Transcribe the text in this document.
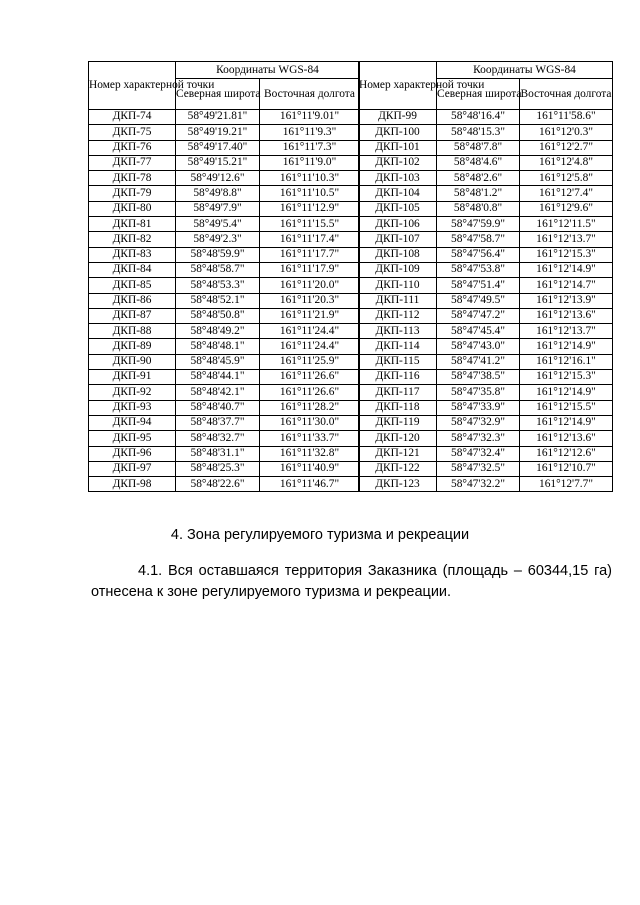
Номер характерной точки	Координаты WGS-84	
	Северная широта	Восточная долгота
ДКП-74	58°49'21.81"	161°11'9.01"
ДКП-75	58°49'19.21"	161°11'9.3"
ДКП-76	58°49'17.40"	161°11'7.3"
ДКП-77	58°49'15.21"	161°11'9.0"
ДКП-78	58°49'12.6"	161°11'10.3"
ДКП-79	58°49'8.8"	161°11'10.5"
ДКП-80	58°49'7.9"	161°11'12.9"
ДКП-81	58°49'5.4"	161°11'15.5"
ДКП-82	58°49'2.3"	161°11'17.4"
ДКП-83	58°48'59.9"	161°11'17.7"
ДКП-84	58°48'58.7"	161°11'17.9"
ДКП-85	58°48'53.3"	161°11'20.0"
ДКП-86	58°48'52.1"	161°11'20.3"
ДКП-87	58°48'50.8"	161°11'21.9"
ДКП-88	58°48'49.2"	161°11'24.4"
ДКП-89	58°48'48.1"	161°11'24.4"
ДКП-90	58°48'45.9"	161°11'25.9"
ДКП-91	58°48'44.1"	161°11'26.6"
ДКП-92	58°48'42.1"	161°11'26.6"
ДКП-93	58°48'40.7"	161°11'28.2"
ДКП-94	58°48'37.7"	161°11'30.0"
ДКП-95	58°48'32.7"	161°11'33.7"
ДКП-96	58°48'31.1"	161°11'32.8"
ДКП-97	58°48'25.3"	161°11'40.9"
ДКП-98	58°48'22.6"	161°11'46.7"
Номер характерной точки	Координаты WGS-84	
	Северная широта	Восточная долгота
ДКП-99	58°48'16.4"	161°11'58.6"
ДКП-100	58°48'15.3"	161°12'0.3"
ДКП-101	58°48'7.8"	161°12'2.7"
ДКП-102	58°48'4.6"	161°12'4.8"
ДКП-103	58°48'2.6"	161°12'5.8"
ДКП-104	58°48'1.2"	161°12'7.4"
ДКП-105	58°48'0.8"	161°12'9.6"
ДКП-106	58°47'59.9"	161°12'11.5"
ДКП-107	58°47'58.7"	161°12'13.7"
ДКП-108	58°47'56.4"	161°12'15.3"
ДКП-109	58°47'53.8"	161°12'14.9"
ДКП-110	58°47'51.4"	161°12'14.7"
ДКП-111	58°47'49.5"	161°12'13.9"
ДКП-112	58°47'47.2"	161°12'13.6"
ДКП-113	58°47'45.4"	161°12'13.7"
ДКП-114	58°47'43.0"	161°12'14.9"
ДКП-115	58°47'41.2"	161°12'16.1"
ДКП-116	58°47'38.5"	161°12'15.3"
ДКП-117	58°47'35.8"	161°12'14.9"
ДКП-118	58°47'33.9"	161°12'15.5"
ДКП-119	58°47'32.9"	161°12'14.9"
ДКП-120	58°47'32.3"	161°12'13.6"
ДКП-121	58°47'32.4"	161°12'12.6"
ДКП-122	58°47'32.5"	161°12'10.7"
ДКП-123	58°47'32.2"	161°12'7.7"
4. Зона регулируемого туризма и рекреации
4.1. Вся оставшаяся территория Заказника (площадь – 60344,15 га)
отнесена к зоне регулируемого туризма и рекреации.
